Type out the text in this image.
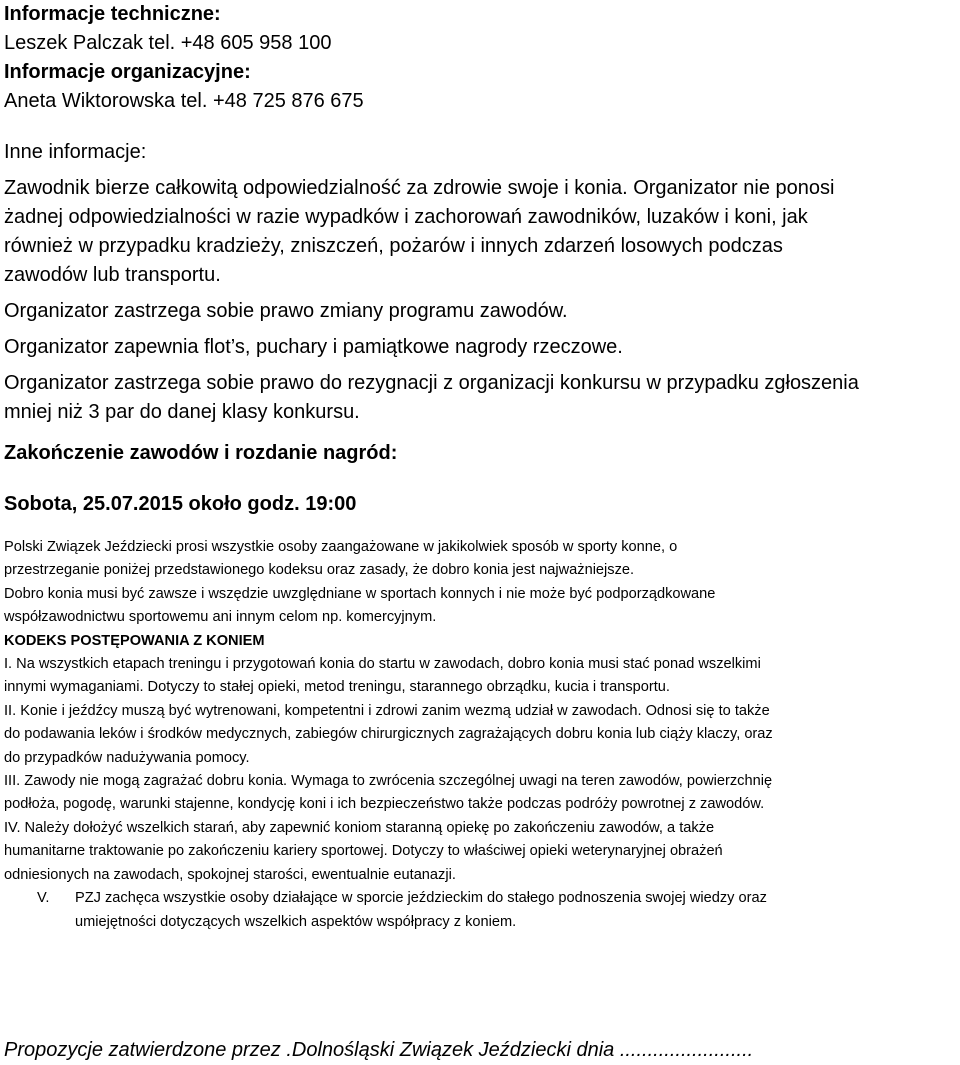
Informacje techniczne:
Leszek Palczak tel. +48 605 958 100
Informacje organizacyjne:
Aneta Wiktorowska tel. +48 725 876 675
Inne informacje:
Zawodnik bierze całkowitą odpowiedzialność za zdrowie swoje i konia. Organizator nie ponosi
żadnej odpowiedzialności w razie wypadków i zachorowań zawodników, luzaków i koni, jak
również w przypadku kradzieży, zniszczeń, pożarów i innych zdarzeń losowych podczas
zawodów lub transportu.
Organizator zastrzega sobie prawo zmiany programu zawodów.
Organizator zapewnia flot’s, puchary i pamiątkowe nagrody rzeczowe.
Organizator zastrzega sobie prawo do rezygnacji z organizacji konkursu w przypadku zgłoszenia
mniej niż 3 par do danej klasy konkursu.
Zakończenie zawodów i rozdanie nagród:
Sobota, 25.07.2015 około godz. 19:00
Polski Związek Jeździecki prosi wszystkie osoby zaangażowane w jakikolwiek sposób w sporty konne, o
przestrzeganie poniżej przedstawionego kodeksu oraz zasady, że dobro konia jest najważniejsze.
Dobro konia musi być zawsze i wszędzie uwzględniane w sportach konnych i nie może być podporządkowane
współzawodnictwu sportowemu ani innym celom np. komercyjnym.
KODEKS POSTĘPOWANIA Z KONIEM
I. Na wszystkich etapach treningu i przygotowań konia do startu w zawodach, dobro konia musi stać ponad wszelkimi
innymi wymaganiami. Dotyczy to stałej opieki, metod treningu, starannego obrządku, kucia i transportu.
II. Konie i jeźdźcy muszą być wytrenowani, kompetentni i zdrowi zanim wezmą udział w zawodach. Odnosi się to także
do podawania leków i środków medycznych, zabiegów chirurgicznych zagrażających dobru konia lub ciąży klaczy, oraz
do przypadków nadużywania pomocy.
III. Zawody nie mogą zagrażać dobru konia. Wymaga to zwrócenia szczególnej uwagi na teren zawodów, powierzchnię
podłoża, pogodę, warunki stajenne, kondycję koni i ich bezpieczeństwo także podczas podróży powrotnej z zawodów.
IV. Należy dołożyć wszelkich starań, aby zapewnić koniom staranną opiekę po zakończeniu zawodów, a także
humanitarne traktowanie po zakończeniu kariery sportowej. Dotyczy to właściwej opieki weterynaryjnej obrażeń
odniesionych na zawodach, spokojnej starości, ewentualnie eutanazji.
V. PZJ zachęca wszystkie osoby działające w sporcie jeździeckim do stałego podnoszenia swojej wiedzy oraz
umiejętności dotyczących wszelkich aspektów współpracy z koniem.
Propozycje zatwierdzone przez .Dolnośląski Związek Jeździecki dnia ........................
